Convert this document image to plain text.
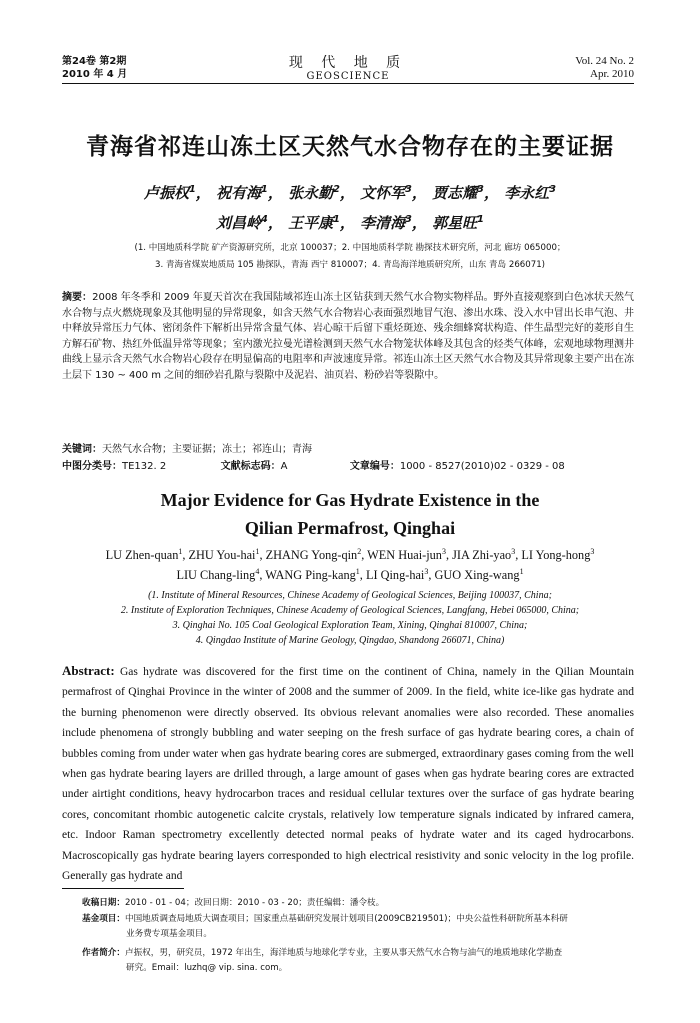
第24卷 第2期
2010 年 4 月
现 代 地 质
GEOSCIENCE
Vol. 24 No. 2
Apr. 2010
青海省祁连山冻土区天然气水合物存在的主要证据
卢振权$^1$， 祝有海$^1$， 张永勤$^2$， 文怀军$^3$， 贾志耀$^3$， 李永红$^3$
刘昌岭$^4$， 王平康$^1$， 李清海$^3$， 郭星旺$^1$
(1. 中国地质科学院 矿产资源研究所，北京 100037；2. 中国地质科学院 勘探技术研究所，河北 廊坊 065000；
3. 青海省煤炭地质局 105 勘探队，青海 西宁 810007；4. 青岛海洋地质研究所，山东 青岛 266071)
摘要：2008 年冬季和 2009 年夏天首次在我国陆域祁连山冻土区钻获到天然气水合物实物样品。野外直接观察到白色冰状天然气水合物与点火燃烧现象及其他明显的异常现象，如含天然气水合物岩心表面强烈地冒气泡、渗出水珠、没入水中冒出长串气泡、井中释放异常压力气体、密闭条件下解析出异常含量气体、岩心晾干后留下重烃斑迹、残余细蜂窝状构造、伴生晶型完好的菱形自生方解石矿物、热红外低温异常等现象；室内激光拉曼光谱检测到天然气水合物笼状体峰及其包含的烃类气体峰，宏观地球物理测井曲线上显示含天然气水合物岩心段存在明显偏高的电阻率和声波速度异常。祁连山冻土区天然气水合物及其异常现象主要产出在冻土层下 130 ~ 400 m 之间的细砂岩孔隙与裂隙中及泥岩、油页岩、粉砂岩等裂隙中。
关键词：天然气水合物；主要证据；冻土；祁连山；青海
中图分类号：TE132. 2	文献标志码：A	文章编号：1000 - 8527(2010)02 - 0329 - 08
Major Evidence for Gas Hydrate Existence in the
Qilian Permafrost, Qinghai
LU Zhen-quan$^1$, ZHU You-hai$^1$, ZHANG Yong-qin$^2$, WEN Huai-jun$^3$, JIA Zhi-yao$^3$, LI Yong-hong$^3$
LIU Chang-ling$^4$, WANG Ping-kang$^1$, LI Qing-hai$^3$, GUO Xing-wang$^1$
(1. Institute of Mineral Resources, Chinese Academy of Geological Sciences, Beijing 100037, China;
2. Institute of Exploration Techniques, Chinese Academy of Geological Sciences, Langfang, Hebei 065000, China;
3. Qinghai No. 105 Coal Geological Exploration Team, Xining, Qinghai 810007, China;
4. Qingdao Institute of Marine Geology, Qingdao, Shandong 266071, China)
Abstract: Gas hydrate was discovered for the first time on the continent of China, namely in the Qilian Mountain permafrost of Qinghai Province in the winter of 2008 and the summer of 2009. In the field, white ice-like gas hydrate and the burning phenomenon were directly observed. Its obvious relevant anomalies were also recorded. These anomalies include phenomena of strongly bubbling and water seeping on the fresh surface of gas hydrate bearing cores, a chain of bubbles coming from under water when gas hydrate bearing cores are submerged, extraordinary gases coming from the well when gas hydrate bearing layers are drilled through, a large amount of gases when gas hydrate bearing cores are extracted under airtight conditions, heavy hydrocarbon traces and residual cellular textures over the surface of gas hydrate bearing cores, concomitant rhombic autogenetic calcite crystals, relatively low temperature signals indicated by infrared camera, etc. Indoor Raman spectrometry excellently detected normal peaks of hydrate water and its caged hydrocarbons. Macroscopically gas hydrate bearing layers corresponded to high electrical resistivity and sonic velocity in the log profile. Generally gas hydrate and
收稿日期：2010 - 01 - 04；改回日期：2010 - 03 - 20；责任编辑：潘令枝。
基金项目：中国地质调查局地质大调查项目；国家重点基础研究发展计划项目(2009CB219501)；中央公益性科研院所基本科研
业务费专项基金项目。
作者简介：卢振权，男，研究员，1972 年出生，海洋地质与地球化学专业，主要从事天然气水合物与油气的地质地球化学勘查
研究。Email：luzhq@ vip. sina. com。
